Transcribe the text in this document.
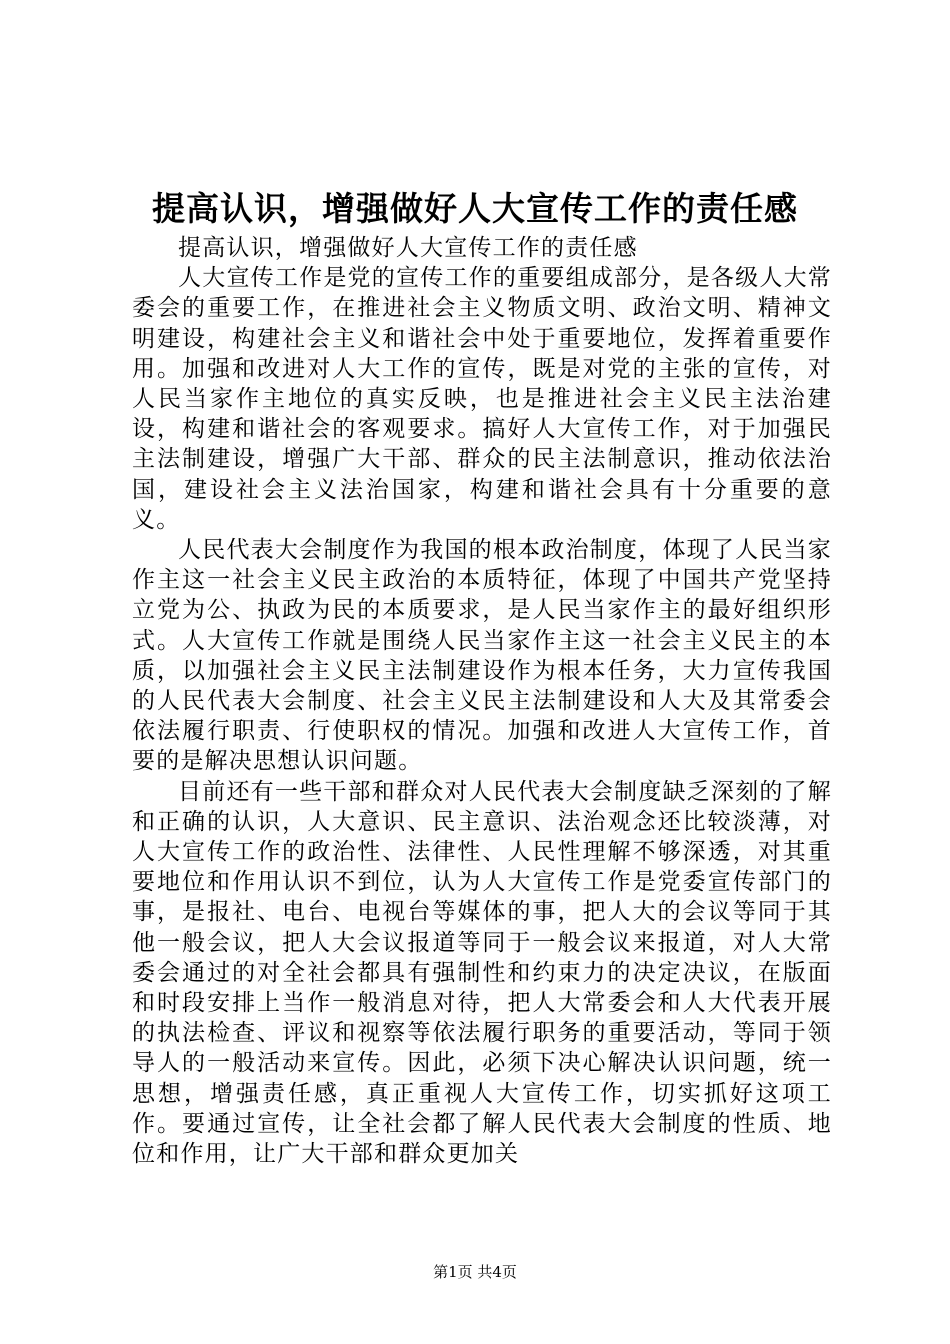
提高认识，增强做好人大宣传工作的责任感

提高认识，增强做好人大宣传工作的责任感

人大宣传工作是党的宣传工作的重要组成部分，是各级人大常委会的重要工作，在推进社会主义物质文明、政治文明、精神文明建设，构建社会主义和谐社会中处于重要地位，发挥着重要作用。加强和改进对人大工作的宣传，既是对党的主张的宣传，对人民当家作主地位的真实反映，也是推进社会主义民主法治建设，构建和谐社会的客观要求。搞好人大宣传工作，对于加强民主法制建设，增强广大干部、群众的民主法制意识，推动依法治国，建设社会主义法治国家，构建和谐社会具有十分重要的意义。

人民代表大会制度作为我国的根本政治制度，体现了人民当家作主这一社会主义民主政治的本质特征，体现了中国共产党坚持立党为公、执政为民的本质要求，是人民当家作主的最好组织形式。人大宣传工作就是围绕人民当家作主这一社会主义民主的本质，以加强社会主义民主法制建设作为根本任务，大力宣传我国的人民代表大会制度、社会主义民主法制建设和人大及其常委会依法履行职责、行使职权的情况。加强和改进人大宣传工作，首要的是解决思想认识问题。

目前还有一些干部和群众对人民代表大会制度缺乏深刻的了解和正确的认识，人大意识、民主意识、法治观念还比较淡薄，对人大宣传工作的政治性、法律性、人民性理解不够深透，对其重要地位和作用认识不到位，认为人大宣传工作是党委宣传部门的事，是报社、电台、电视台等媒体的事，把人大的会议等同于其他一般会议，把人大会议报道等同于一般会议来报道，对人大常委会通过的对全社会都具有强制性和约束力的决定决议，在版面和时段安排上当作一般消息对待，把人大常委会和人大代表开展的执法检查、评议和视察等依法履行职务的重要活动，等同于领导人的一般活动来宣传。因此，必须下决心解决认识问题，统一思想，增强责任感，真正重视人大宣传工作，切实抓好这项工作。要通过宣传，让全社会都了解人民代表大会制度的性质、地位和作用，让广大干部和群众更加关

第1页 共4页
